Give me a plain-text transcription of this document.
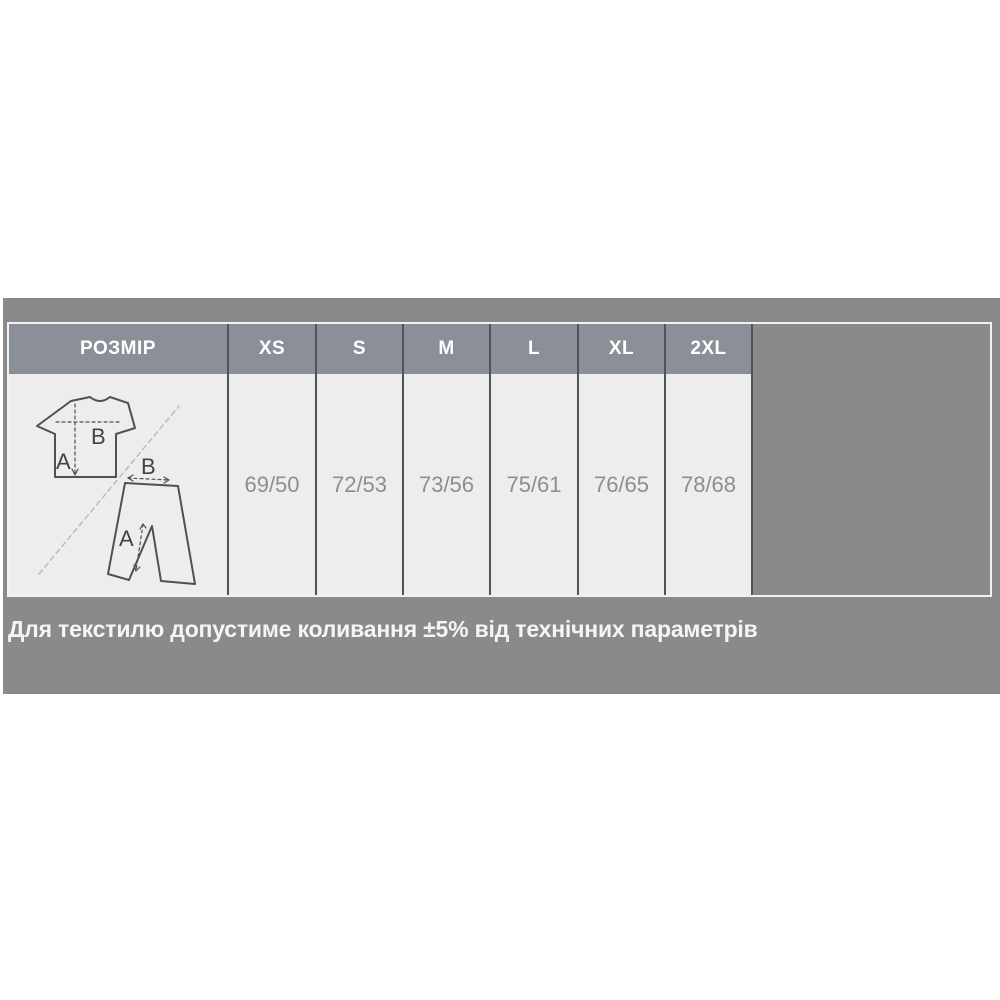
РОЗМІР	XS	S	M	L	XL	2XL
A
B
B
A
69/50	72/53	73/56	75/61	76/65	78/68
Для текстилю допустиме коливання ±5% від технічних параметрів
